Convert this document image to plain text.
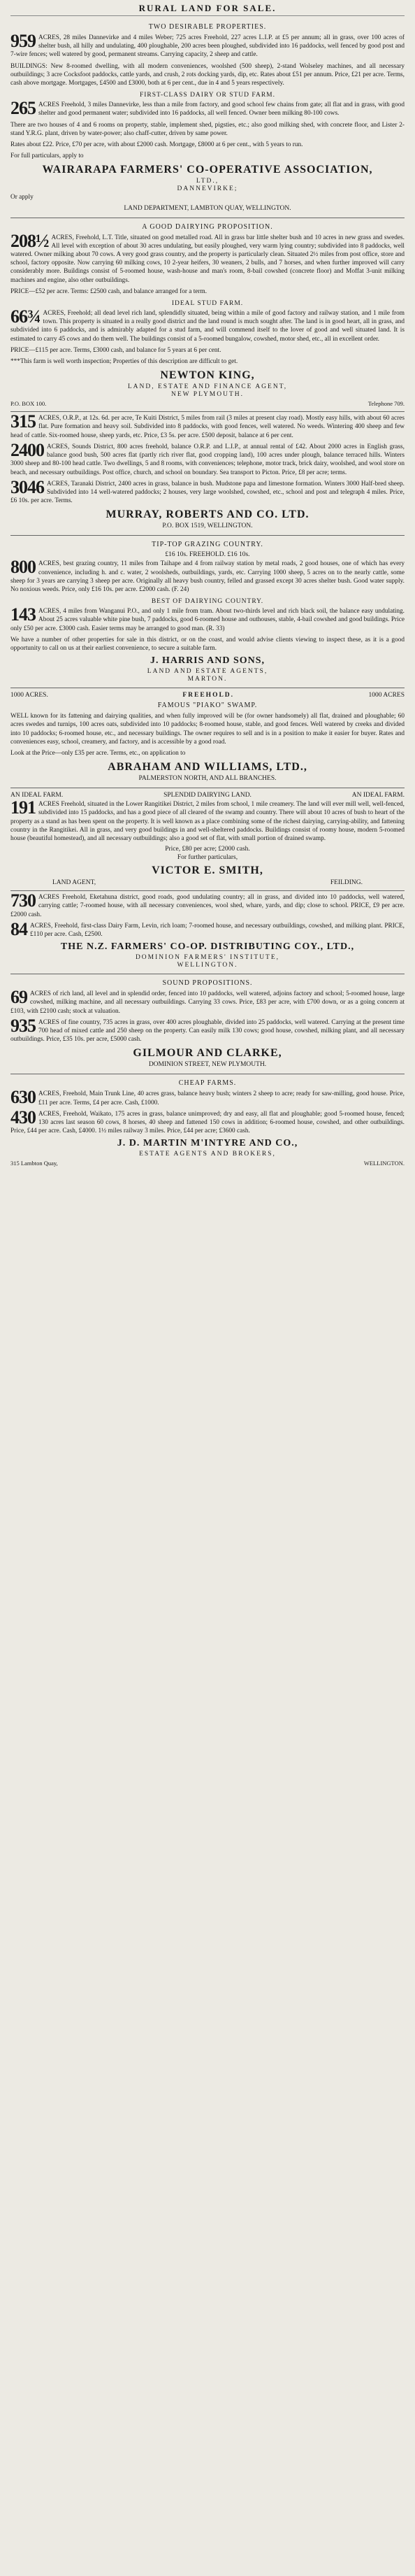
RURAL LAND FOR SALE.
TWO DESIRABLE PROPERTIES.
959 ACRES, 28 miles Dannevirke and 4 miles Weber; 725 acres Freehold, 227 acres L.I.P. at £5 per annum; all in grass, over 100 acres of shelter bush, all hilly and undulating, 400 ploughable, 200 acres been ploughed, subdivided into 16 paddocks, well fenced by good post and 7-wire fences; well watered by good, permanent streams. Carrying capacity, 2 sheep and cattle.
BUILDINGS: New 8-roomed dwelling, with all modern conveniences, woolshed (500 sheep), 2-stand Wolseley machines, and all necessary outbuildings; 3 acre Cocksfoot paddocks, cattle yards, and crush, 2 rots docking yards, dip, etc. Rates about £51 per annum. Price, £21 per acre. Terms, cash above mortgage. Mortgages, £4500 and £3000, both at 6 per cent., due in 4 and 5 years respectively.
FIRST-CLASS DAIRY OR STUD FARM.
265 ACRES Freehold, 3 miles Dannevirke, less than a mile from factory, and good school few chains from gate; all flat and in grass, with good shelter and good permanent water; subdivided into 16 paddocks, all well fenced. Owner been milking 80-100 cows.
There are two houses of 4 and 6 rooms on property, stable, implement shed, pigsties, etc.; also good milking shed, with concrete floor, and Lister 2-stand Y.R.G. plant, driven by water-power; also chaff-cutter, driven by same power.
Rates about £22. Price, £70 per acre, with about £2000 cash. Mortgage, £8000 at 6 per cent., with 5 years to run.
For full particulars, apply to
WAIRARAPA FARMERS' CO-OPERATIVE ASSOCIATION,
LTD.,
DANNEVIRKE;
Or apply
LAND DEPARTMENT, LAMBTON QUAY, WELLINGTON.
A GOOD DAIRYING PROPOSITION.
208½ ACRES, Freehold, L.T. Title, situated on good metalled road. All in grass bar little shelter bush and 10 acres in new grass and swedes. All level with exception of about 30 acres undulating, but easily ploughed, very warm lying country; subdivided into 8 paddocks, well watered. Owner milking about 70 cows. A very good grass country, and the property is particularly clean. Situated 2½ miles from post office, store and school, factory opposite. Now carrying 60 milking cows, 10 2-year heifers, 30 weaners, 2 bulls, and 7 horses, and when further improved will carry considerably more. Buildings consist of 5-roomed house, wash-house and man's room, 8-bail cowshed (concrete floor) and Moffat 3-unit milking machines and engine, also other outbuildings.
PRICE—£52 per acre. Terms: £2500 cash, and balance arranged for a term.
IDEAL STUD FARM.
66¾ ACRES, Freehold; all dead level rich land, splendidly situated, being within a mile of good factory and railway station, and 1 mile from town. This property is situated in a really good district and the land round is much sought after. The land is in good heart, all in grass, and subdivided into 6 paddocks, and is admirably adapted for a stud farm, and will commend itself to the lover of good and well situated land. It is estimated to carry 45 cows and do them well. The buildings consist of a 5-roomed bungalow, cowshed, motor shed, etc., all in excellent order.
PRICE—£115 per acre. Terms, £3000 cash, and balance for 5 years at 6 per cent.
***This farm is well worth inspection; Properties of this description are difficult to get.
NEWTON KING,
LAND, ESTATE AND FINANCE AGENT,
NEW PLYMOUTH.
P.O. BOX 100.	Telephone 709.
315 ACRES, O.R.P., at 12s. 6d. per acre, Te Kuiti District, 5 miles from rail (3 miles at present clay road). Mostly easy hills, with about 60 acres flat. Pure formation and heavy soil. Subdivided into 8 paddocks, with good fences, well watered. No weeds. Wintering 400 sheep and few head of cattle. Six-roomed house, sheep yards, etc. Price, £3 5s. per acre. £500 deposit, balance at 6 per cent.
2400 ACRES, Sounds District, 800 acres freehold, balance O.R.P. and L.I.P., at annual rental of £42. About 2000 acres in English grass, balance good bush, 500 acres flat (partly rich river flat, good cropping land), 100 acres under plough, balance terraced hills. Winters 3000 sheep and 80-100 head cattle. Two dwellings, 5 and 8 rooms, with conveniences; telephone, motor track, brick dairy, woolshed, and wool store on beach, and necessary outbuildings. Post office, church, and school on boundary. Sea transport to Picton. Price, £8 per acre; terms.
3046 ACRES, Taranaki District, 2400 acres in grass, balance in bush. Mudstone papa and limestone formation. Winters 3000 Half-bred sheep. Subdivided into 14 well-watered paddocks; 2 houses, very large woolshed, cowshed, etc., school and post and telegraph 4 miles. Price, £6 10s. per acre. Terms.
MURRAY, ROBERTS AND CO. LTD.
P.O. BOX 1519, WELLINGTON.
TIP-TOP GRAZING COUNTRY.
£16 10s. FREEHOLD. £16 10s.
800 ACRES, best grazing country, 11 miles from Taihape and 4 from railway station by metal roads, 2 good houses, one of which has every convenience, including h. and c. water, 2 woolsheds, outbuildings, yards, etc. Carrying 1000 sheep, 5 acres on to the nearly cattle, some sheep for 3 years are carrying 3 sheep per acre. Originally all heavy bush country, felled and grassed except 30 acres shelter bush. Good water supply. No noxious weeds. Price, only £16 10s. per acre. £2000 cash. (F. 24)
BEST OF DAIRYING COUNTRY.
143 ACRES, 4 miles from Wanganui P.O., and only 1 mile from tram. About two-thirds level and rich black soil, the balance easy undulating. About 25 acres valuable white pine bush, 7 paddocks, good 6-roomed house and outhouses, stable, 4-bail cowshed and good buildings. Price only £50 per acre. £3000 cash. Easier terms may be arranged to good man. (R. 33)
We have a number of other properties for sale in this district, or on the coast, and would advise clients viewing to inspect these, as it is a good opportunity to call on us at their earliest convenience, to secure a suitable farm.
J. HARRIS AND SONS,
LAND AND ESTATE AGENTS,
MARTON.
1000 ACRES.	FREEHOLD.	1000 ACRES
FAMOUS "PIAKO" SWAMP.
WELL known for its fattening and dairying qualities, and when fully improved will be (for owner handsomely) all flat, drained and ploughable; 60 acres swedes and turnips, 100 acres oats, subdivided into 10 paddocks; 8-roomed house, stable, and good fences. Well watered by creeks and divided into 10 paddocks; 6-roomed house, etc., and necessary buildings. The owner requires to sell and is in a position to make it easier for buyer. Rates and conveniences easy, school, creamery, and factory, and is accessible by a good road.
Look at the Price—only £35 per acre. Terms, etc., on application to
ABRAHAM AND WILLIAMS, LTD.,
PALMERSTON NORTH, AND ALL BRANCHES.
AN IDEAL FARM.	SPLENDID DAIRYING LAND.	AN IDEAL FARM.
191 ACRES Freehold, situated in the Lower Rangitikei District, 2 miles from school, 1 mile creamery. The land will ever mill well, well-fenced, subdivided into 15 paddocks, and has a good piece of all cleared of the swamp and country. There will about 10 acres of bush to heart of the property as a stand as has been spent on the property. It is well known as a place combining some of the richest dairying, carrying-ability, and fattening country in the Rangitikei. All in grass, and very good buildings in and well-sheltered paddocks. Buildings consist of roomy house, modern 5-roomed house (beautiful homestead), and all necessary outbuildings; also a good set of flat, with small portion of drained swamp.
Price, £80 per acre; £2000 cash.
For further particulars,
VICTOR E. SMITH,
LAND AGENT,	FEILDING.
730 ACRES Freehold, Eketahuna district, good roads, good undulating country; all in grass, and divided into 10 paddocks, well watered, carrying cattle; 7-roomed house, with all necessary conveniences, wool shed, whare, yards, and dip; close to school. PRICE, £9 per acre. £2000 cash.
84 ACRES, Freehold, first-class Dairy Farm, Levin, rich loam; 7-roomed house, and necessary outbuildings, cowshed, and milking plant. PRICE, £110 per acre. Cash, £2500.
THE N.Z. FARMERS' CO-OP. DISTRIBUTING COY., LTD.,
DOMINION FARMERS' INSTITUTE,
WELLINGTON.
SOUND PROPOSITIONS.
69 ACRES of rich land, all level and in splendid order, fenced into 10 paddocks, well watered, adjoins factory and school; 5-roomed house, large cowshed, milking machine, and all necessary outbuildings. Carrying 33 cows. Price, £83 per acre, with £700 down, or as a going concern at £103, with £2100 cash; stock at valuation.
935 ACRES of fine country, 735 acres in grass, over 400 acres ploughable, divided into 25 paddocks, well watered. Carrying at the present time 700 head of mixed cattle and 250 sheep on the property. Can easily milk 130 cows; good house, cowshed, milking plant, and all necessary outbuildings. Price, £35 10s. per acre, £5000 cash.
GILMOUR AND CLARKE,
DOMINION STREET, NEW PLYMOUTH.
CHEAP FARMS.
630 ACRES, Freehold, Main Trunk Line, 40 acres grass, balance heavy bush; winters 2 sheep to acre; ready for saw-milling, good house. Price, £11 per acre. Terms, £4 per acre. Cash, £1000.
430 ACRES, Freehold, Waikato, 175 acres in grass, balance unimproved; dry and easy, all flat and ploughable; good 5-roomed house, fenced; 130 acres last season 60 cows, 8 horses, 40 sheep and fattened 150 cows in addition; 6-roomed house, cowshed, and other outbuildings. Price, £44 per acre. Cash, £4000. 1½ miles railway 3 miles. Price, £44 per acre; £3600 cash.
J. D. MARTIN M'INTYRE AND CO.,
ESTATE AGENTS AND BROKERS,
315 Lambton Quay,	WELLINGTON.
